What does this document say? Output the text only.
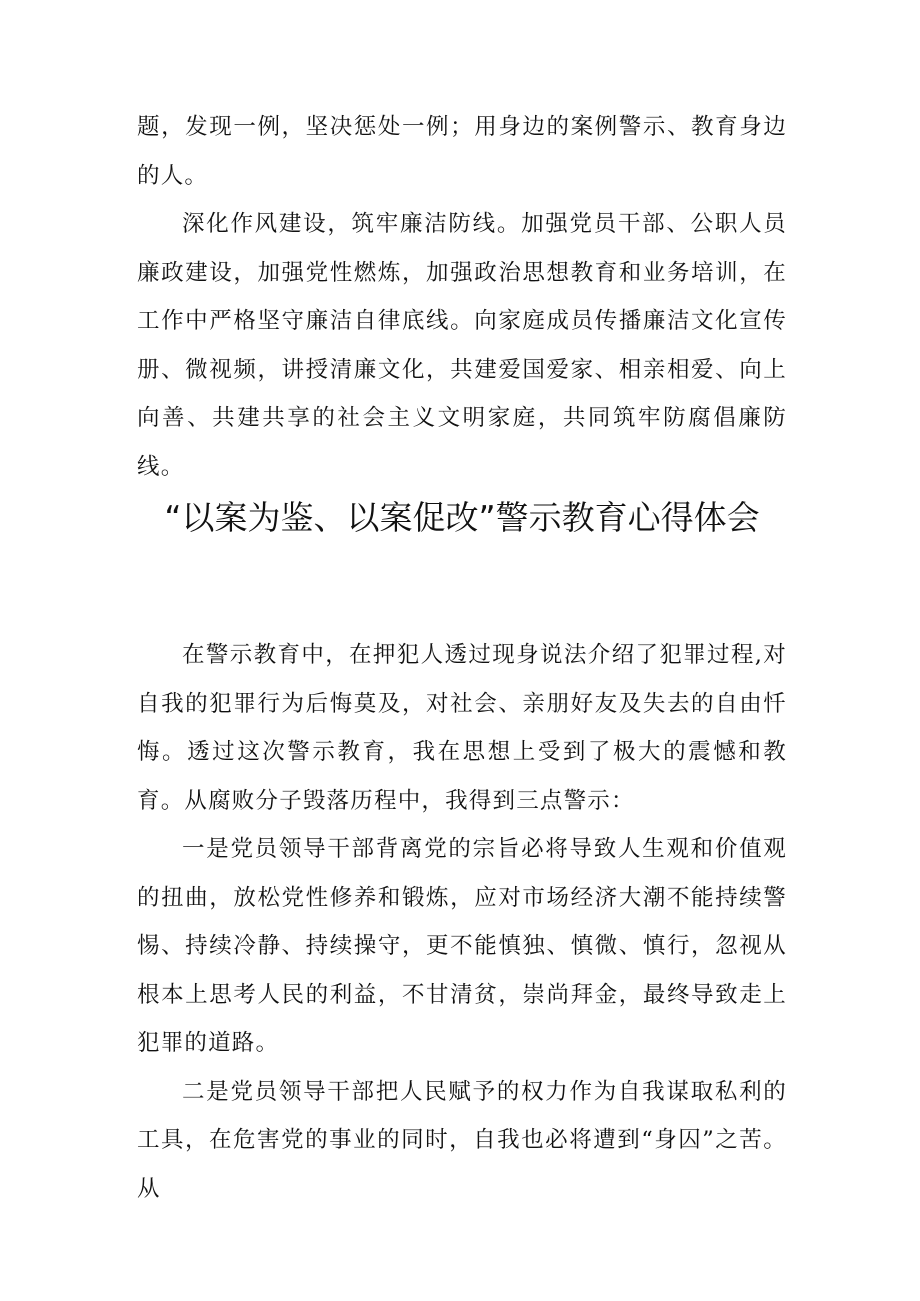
题，发现一例，坚决惩处一例；用身边的案例警示、教育身边的人。

深化作风建设，筑牢廉洁防线。加强党员干部、公职人员廉政建设，加强党性燃炼，加强政治思想教育和业务培训，在工作中严格坚守廉洁自律底线。向家庭成员传播廉洁文化宣传册、微视频，讲授清廉文化，共建爱国爱家、相亲相爱、向上向善、共建共享的社会主义文明家庭，共同筑牢防腐倡廉防线。

“以案为鉴、以案促改”警示教育心得体会

在警示教育中，在押犯人透过现身说法介绍了犯罪过程,对自我的犯罪行为后悔莫及，对社会、亲朋好友及失去的自由忏悔。透过这次警示教育，我在思想上受到了极大的震憾和教育。从腐败分子毁落历程中，我得到三点警示：

一是党员领导干部背离党的宗旨必将导致人生观和价值观的扭曲，放松党性修养和锻炼，应对市场经济大潮不能持续警惕、持续冷静、持续操守，更不能慎独、慎微、慎行，忽视从根本上思考人民的利益，不甘清贫，崇尚拜金，最终导致走上犯罪的道路。

二是党员领导干部把人民赋予的权力作为自我谋取私利的工具，在危害党的事业的同时，自我也必将遭到“身囚”之苦。从
